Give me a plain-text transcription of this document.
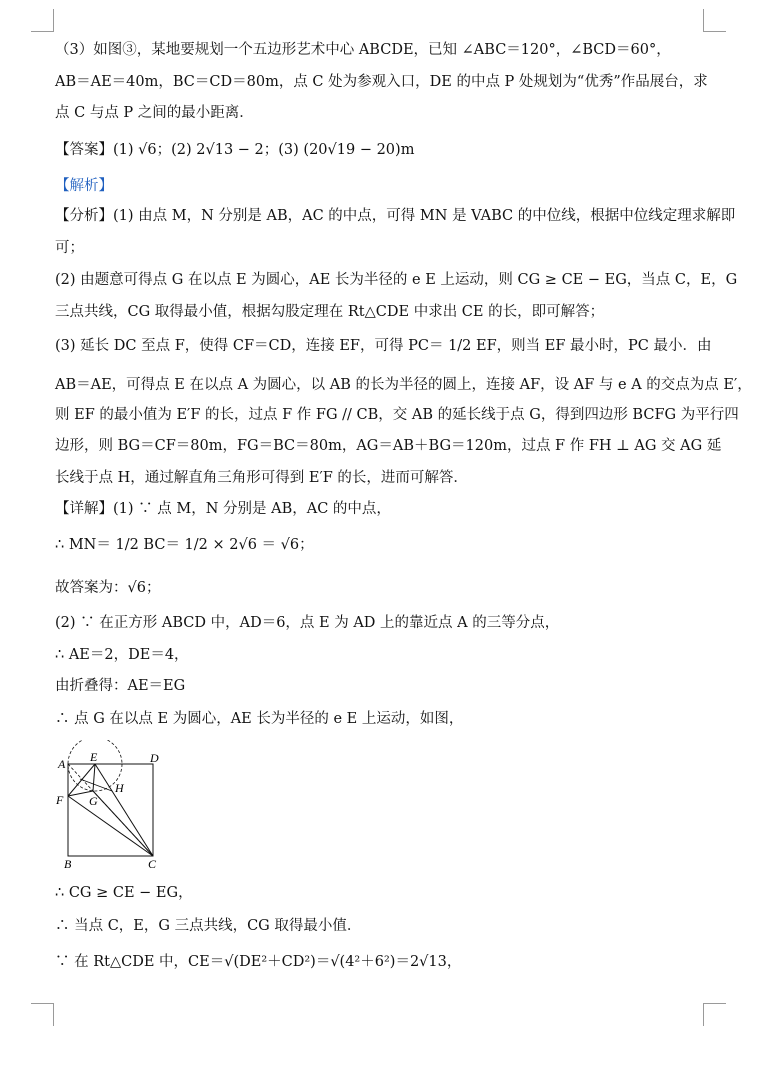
（3）如图③，某地要规划一个五边形艺术中心 ABCDE，已知 ∠ABC＝120°，∠BCD＝60°，
AB＝AE＝40m，BC＝CD＝80m，点 C 处为参观入口，DE 的中点 P 处规划为“优秀”作品展台，求
点 C 与点 P 之间的最小距离．
【答案】(1) √6；(2) 2√13 − 2；(3) (20√19 − 20)m
【解析】
【分析】(1) 由点 M，N 分别是 AB，AC 的中点，可得 MN 是 VABC 的中位线，根据中位线定理求解即
可；
(2) 由题意可得点 G 在以点 E 为圆心，AE 长为半径的 e E 上运动，则 CG ≥ CE − EG，当点 C，E，G
三点共线，CG 取得最小值，根据勾股定理在 Rt△CDE 中求出 CE 的长，即可解答；
(3) 延长 DC 至点 F，使得 CF＝CD，连接 EF，可得 PC＝ 1/2 EF，则当 EF 最小时，PC 最小．由
AB＝AE，可得点 E 在以点 A 为圆心，以 AB 的长为半径的圆上，连接 AF，设 AF 与 e A 的交点为点 E′，
则 EF 的最小值为 E′F 的长，过点 F 作 FG // CB，交 AB 的延长线于点 G，得到四边形 BCFG 为平行四
边形，则 BG＝CF＝80m，FG＝BC＝80m，AG＝AB＋BG＝120m，过点 F 作 FH ⊥ AG 交 AG 延
长线于点 H，通过解直角三角形可得到 E′F 的长，进而可解答．
【详解】(1) ∵ 点 M，N 分别是 AB，AC 的中点，
∴ MN＝ 1/2 BC＝ 1/2 × 2√6 ＝ √6；
故答案为：√6；
(2) ∵ 在正方形 ABCD 中，AD＝6，点 E 为 AD 上的靠近点 A 的三等分点，
∴ AE＝2，DE＝4，
由折叠得：AE＝EG
∴ 点 G 在以点 E 为圆心，AE 长为半径的 e E 上运动，如图，
∴ CG ≥ CE − EG，
∴ 当点 C，E，G 三点共线，CG 取得最小值．
∵ 在 Rt△CDE 中，CE＝√(DE²＋CD²)＝√(4²＋6²)＝2√13，
A E	D
F G
H
B	C
